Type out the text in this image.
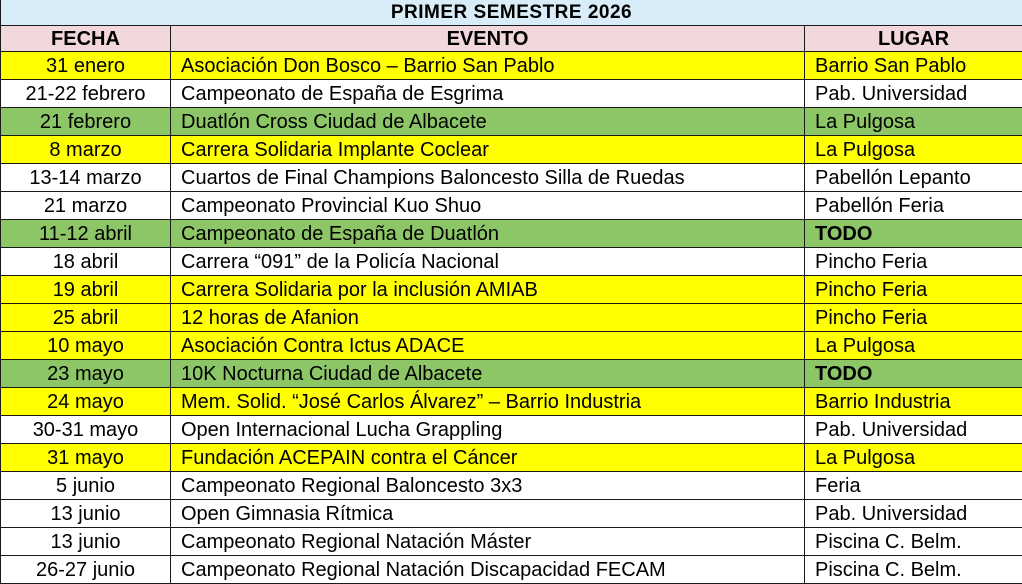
PRIMER SEMESTRE 2026		
FECHA	EVENTO	LUGAR
31 enero	Asociación Don Bosco – Barrio San Pablo	Barrio San Pablo
21-22 febrero	Campeonato de España de Esgrima	Pab. Universidad
21 febrero	Duatlón Cross Ciudad de Albacete	La Pulgosa
8 marzo	Carrera Solidaria Implante Coclear	La Pulgosa
13-14 marzo	Cuartos de Final Champions Baloncesto Silla de Ruedas	Pabellón Lepanto
21 marzo	Campeonato Provincial Kuo Shuo	Pabellón Feria
11-12 abril	Campeonato de España de Duatlón	TODO
18 abril	Carrera “091” de la Policía Nacional	Pincho Feria
19 abril	Carrera Solidaria por la inclusión AMIAB	Pincho Feria
25 abril	12 horas de Afanion	Pincho Feria
10 mayo	Asociación Contra Ictus ADACE	La Pulgosa
23 mayo	10K Nocturna Ciudad de Albacete	TODO
24 mayo	Mem. Solid. “José Carlos Álvarez” – Barrio Industria	Barrio Industria
30-31 mayo	Open Internacional Lucha Grappling	Pab. Universidad
31 mayo	Fundación ACEPAIN contra el Cáncer	La Pulgosa
5 junio	Campeonato Regional Baloncesto 3x3	Feria
13 junio	Open Gimnasia Rítmica	Pab. Universidad
13 junio	Campeonato Regional Natación Máster	Piscina C. Belm.
26-27 junio	Campeonato Regional Natación Discapacidad FECAM	Piscina C. Belm.
